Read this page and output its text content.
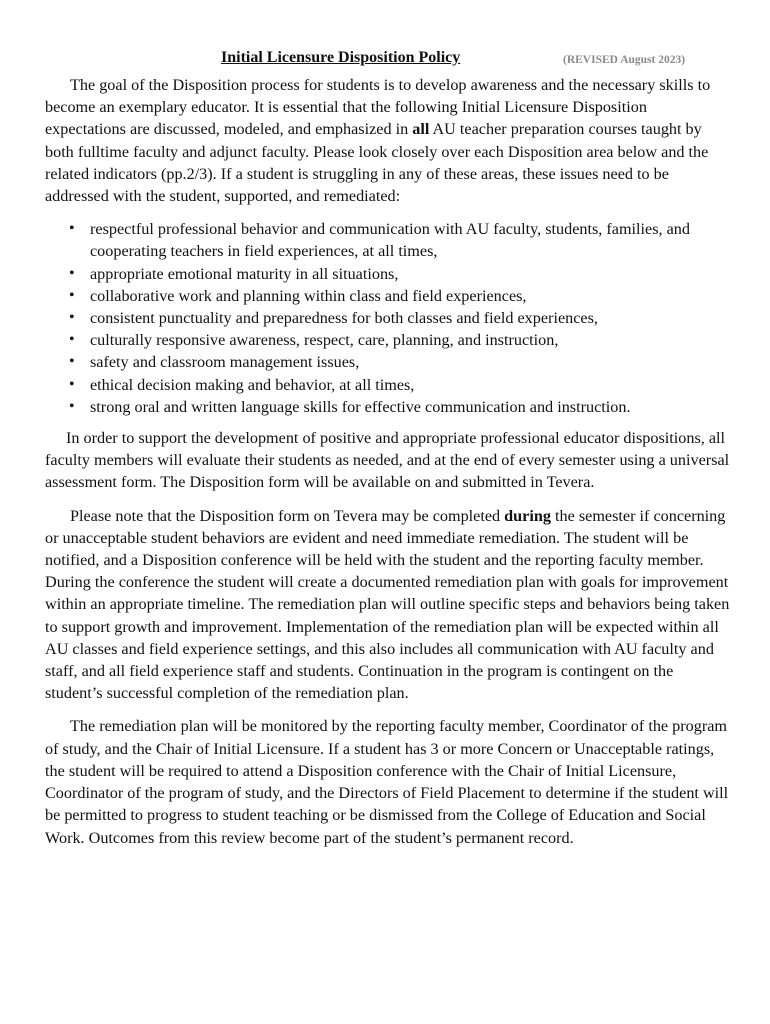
Initial Licensure Disposition Policy	(REVISED August 2023)

The goal of the Disposition process for students is to develop awareness and the necessary skills to become an exemplary educator. It is essential that the following Initial Licensure Disposition expectations are discussed, modeled, and emphasized in all AU teacher preparation courses taught by both fulltime faculty and adjunct faculty. Please look closely over each Disposition area below and the related indicators (pp.2/3). If a student is struggling in any of these areas, these issues need to be addressed with the student, supported, and remediated:

• respectful professional behavior and communication with AU faculty, students, families, and cooperating teachers in field experiences, at all times,
• appropriate emotional maturity in all situations,
• collaborative work and planning within class and field experiences,
• consistent punctuality and preparedness for both classes and field experiences,
• culturally responsive awareness, respect, care, planning, and instruction,
• safety and classroom management issues,
• ethical decision making and behavior, at all times,
• strong oral and written language skills for effective communication and instruction.

In order to support the development of positive and appropriate professional educator dispositions, all faculty members will evaluate their students as needed, and at the end of every semester using a universal assessment form. The Disposition form will be available on and submitted in Tevera.

Please note that the Disposition form on Tevera may be completed during the semester if concerning or unacceptable student behaviors are evident and need immediate remediation. The student will be notified, and a Disposition conference will be held with the student and the reporting faculty member. During the conference the student will create a documented remediation plan with goals for improvement within an appropriate timeline. The remediation plan will outline specific steps and behaviors being taken to support growth and improvement. Implementation of the remediation plan will be expected within all AU classes and field experience settings, and this also includes all communication with AU faculty and staff, and all field experience staff and students. Continuation in the program is contingent on the student’s successful completion of the remediation plan.

The remediation plan will be monitored by the reporting faculty member, Coordinator of the program of study, and the Chair of Initial Licensure. If a student has 3 or more Concern or Unacceptable ratings, the student will be required to attend a Disposition conference with the Chair of Initial Licensure, Coordinator of the program of study, and the Directors of Field Placement to determine if the student will be permitted to progress to student teaching or be dismissed from the College of Education and Social Work. Outcomes from this review become part of the student’s permanent record.
